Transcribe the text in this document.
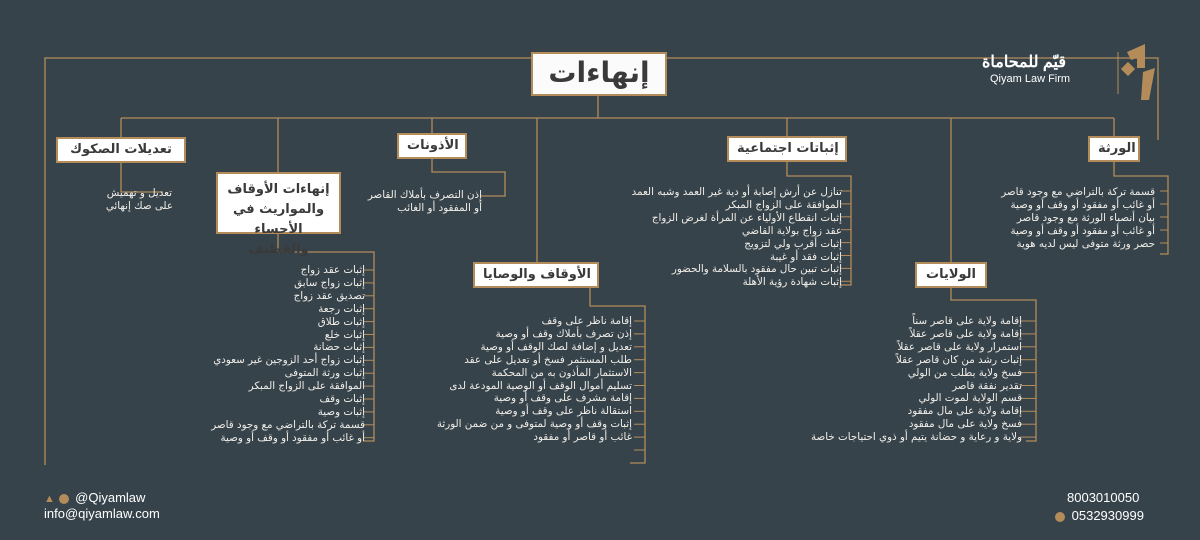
قيّم للمحاماة
Qiyam Law Firm
إنهاءات
الورثة
إثباتات اجتماعية
الأذونات
تعديلات الصكوك
الولايات
الأوقاف والوصايا
إنهاءات الأوقاف والمواريث في الأحساء والقطيف
قسمة تركة بالتراضي مع وجود قاصر
أو غائب أو مفقود أو وقف أو وصية
بيان أنصباء الورثة مع وجود قاصر
أو غائب أو مفقود أو وقف أو وصية
حصر ورثة متوفى ليس لديه هوية
تنازل عن أرش إصابة أو دية غير العمد وشبه العمد
الموافقة على الزواج المبكر
إثبات انقطاع الأولياء عن المرأة لغرض الزواج
عقد زواج بولاية القاضي
إثبات أقرب ولي لتزويج
إثبات فقد أو غيبة
إثبات تبين حال مفقود بالسلامة والحضور
إثبات شهادة رؤية الأهلة
إذن التصرف بأملاك القاصر
أو المفقود أو الغائب
تعديل و تهميش
على صك إنهائي
إقامة ولاية على قاصر سناً
إقامة ولاية على قاصر عقلاً
استمرار ولاية على قاصر عقلاً
إثبات رشد من كان قاصر عقلاً
فسخ ولاية بطلب من الولي
تقدير نفقة قاصر
قسم الولاية لموت الولي
إقامة ولاية على مال مفقود
فسخ ولاية على مال مفقود
ولاية و رعاية و حضانة يتيم أو ذوي احتياجات خاصة
إقامة ناظر على وقف
إذن تصرف بأملاك وقف أو وصية
تعديل و إضافة لصك الوقف أو وصية
طلب المستثمر فسخ أو تعديل على عقد
الاستثمار المأذون به من المحكمة
تسليم أموال الوقف أو الوصية المودعة لدى
إقامة مشرف على وقف أو وصية
استقالة ناظر على وقف أو وصية
إثبات وقف أو وصية لمتوفى و من ضمن الورثة
غائب أو قاصر أو مفقود
إثبات عقد زواج
إثبات زواج سابق
تصديق عقد زواج
إثبات رجعة
إثبات طلاق
إثبات خلع
إثبات حضانة
إثبات زواج أحد الزوجين غير سعودي
إثبات ورثة المتوفى
الموافقة على الزواج المبكر
إثبات وقف
إثبات وصية
قسمة تركة بالتراضي مع وجود قاصر
أو غائب أو مفقود أو وقف أو وصية
▲ @Qiyamlaw
info@qiyamlaw.com
8003010050
0532930999
